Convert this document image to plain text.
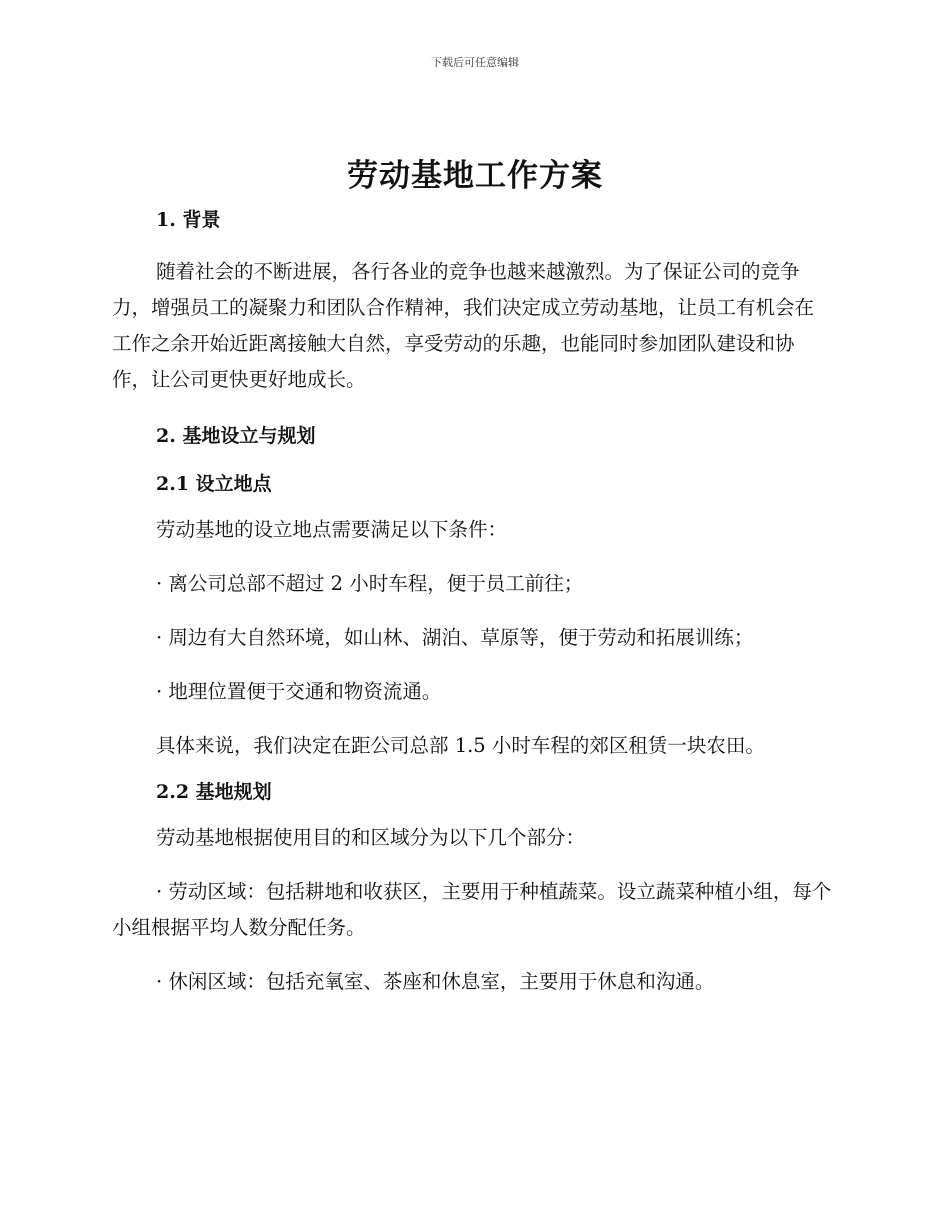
下载后可任意编辑
劳动基地工作方案

1. 背景

随着社会的不断进展，各行各业的竞争也越来越激烈。为了保证公司的竞争力，增强员工的凝聚力和团队合作精神，我们决定成立劳动基地，让员工有机会在工作之余开始近距离接触大自然，享受劳动的乐趣，也能同时参加团队建设和协作，让公司更快更好地成长。

2. 基地设立与规划

2.1 设立地点

劳动基地的设立地点需要满足以下条件：

· 离公司总部不超过 2 小时车程，便于员工前往；

· 周边有大自然环境，如山林、湖泊、草原等，便于劳动和拓展训练；

· 地理位置便于交通和物资流通。

具体来说，我们决定在距公司总部 1.5 小时车程的郊区租赁一块农田。

2.2 基地规划

劳动基地根据使用目的和区域分为以下几个部分：

· 劳动区域：包括耕地和收获区，主要用于种植蔬菜。设立蔬菜种植小组，每个小组根据平均人数分配任务。

· 休闲区域：包括充氧室、茶座和休息室，主要用于休息和沟通。
